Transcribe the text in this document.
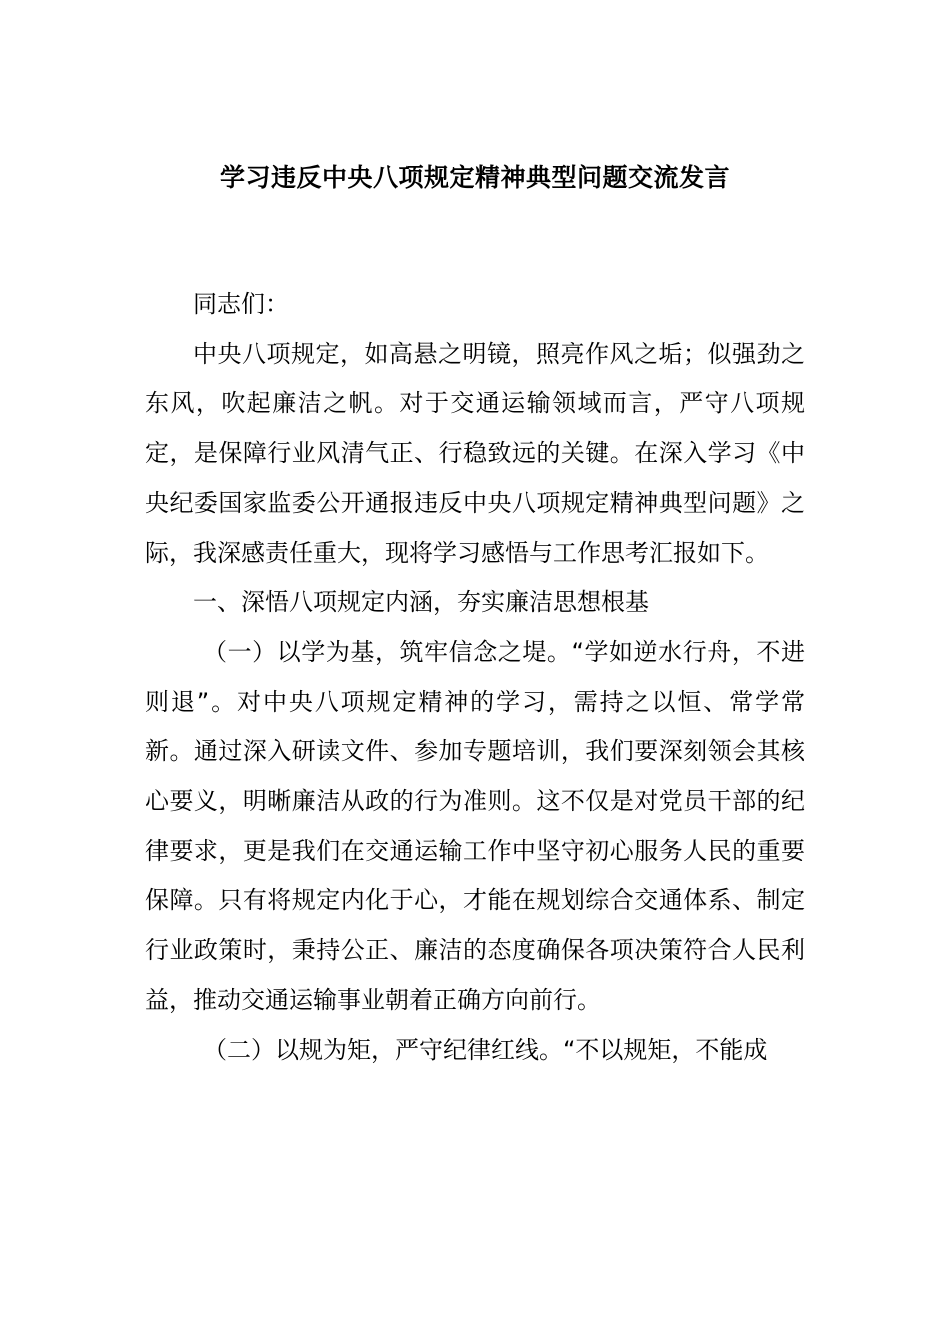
学习违反中央八项规定精神典型问题交流发言

同志们：

中央八项规定，如高悬之明镜，照亮作风之垢；似强劲之东风，吹起廉洁之帆。对于交通运输领域而言，严守八项规定，是保障行业风清气正、行稳致远的关键。在深入学习《中央纪委国家监委公开通报违反中央八项规定精神典型问题》之际，我深感责任重大，现将学习感悟与工作思考汇报如下。

一、深悟八项规定内涵，夯实廉洁思想根基

（一）以学为基，筑牢信念之堤。“学如逆水行舟，不进则退”。对中央八项规定精神的学习，需持之以恒、常学常新。通过深入研读文件、参加专题培训，我们要深刻领会其核心要义，明晰廉洁从政的行为准则。这不仅是对党员干部的纪律要求，更是我们在交通运输工作中坚守初心服务人民的重要保障。只有将规定内化于心，才能在规划综合交通体系、制定行业政策时，秉持公正、廉洁的态度确保各项决策符合人民利益，推动交通运输事业朝着正确方向前行。

（二）以规为矩，严守纪律红线。“不以规矩，不能成
